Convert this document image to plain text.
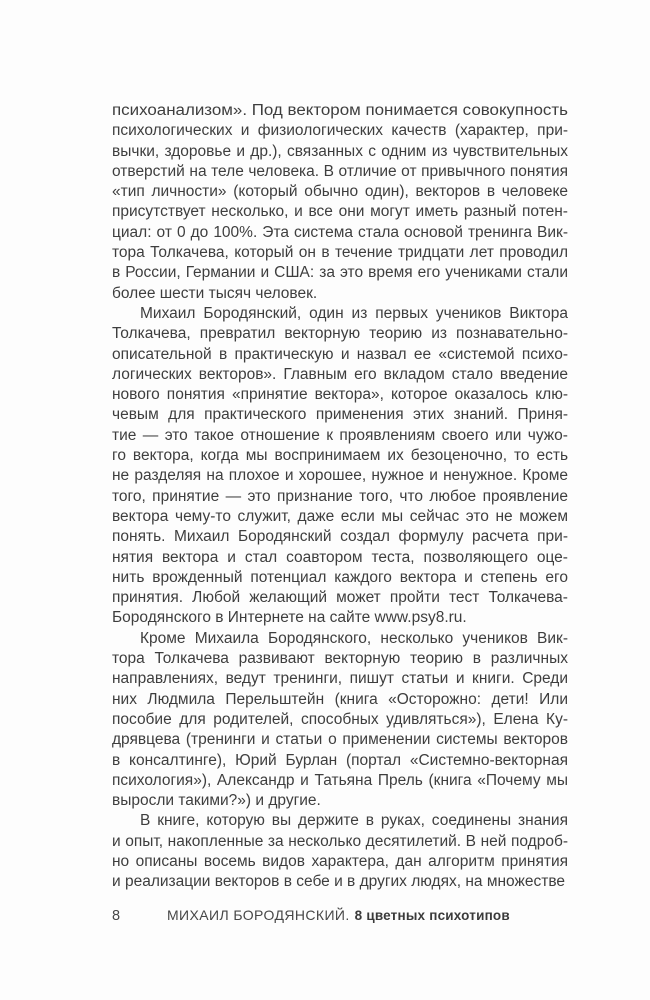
психоанализом». Под вектором понимается совокупность
психологических и физиологических качеств (характер, при-
вычки, здоровье и др.), связанных с одним из чувствительных
отверстий на теле человека. В отличие от привычного понятия
«тип личности» (который обычно один), векторов в человеке
присутствует несколько, и все они могут иметь разный потен-
циал: от 0 до 100%. Эта система стала основой тренинга Вик-
тора Толкачева, который он в течение тридцати лет проводил
в России, Германии и США: за это время его учениками стали
более шести тысяч человек.
Михаил Бородянский, один из первых учеников Виктора
Толкачева, превратил векторную теорию из познавательно-
описательной в практическую и назвал ее «системой психо-
логических векторов». Главным его вкладом стало введение
нового понятия «принятие вектора», которое оказалось клю-
чевым для практического применения этих знаний. Приня-
тие — это такое отношение к проявлениям своего или чужо-
го вектора, когда мы воспринимаем их безоценочно, то есть
не разделяя на плохое и хорошее, нужное и ненужное. Кроме
того, принятие — это признание того, что любое проявление
вектора чему-то служит, даже если мы сейчас это не можем
понять. Михаил Бородянский создал формулу расчета при-
нятия вектора и стал соавтором теста, позволяющего оце-
нить врожденный потенциал каждого вектора и степень его
принятия. Любой желающий может пройти тест Толкачева-
Бородянского в Интернете на сайте www.psy8.ru.
Кроме Михаила Бородянского, несколько учеников Вик-
тора Толкачева развивают векторную теорию в различных
направлениях, ведут тренинги, пишут статьи и книги. Среди
них Людмила Перельштейн (книга «Осторожно: дети! Или
пособие для родителей, способных удивляться»), Елена Ку-
дрявцева (тренинги и статьи о применении системы векторов
в консалтинге), Юрий Бурлан (портал «Системно-векторная
психология»), Александр и Татьяна Прель (книга «Почему мы
выросли такими?») и другие.
В книге, которую вы держите в руках, соединены знания
и опыт, накопленные за несколько десятилетий. В ней подроб-
но описаны восемь видов характера, дан алгоритм принятия
и реализации векторов в себе и в других людях, на множестве
8	МИХАИЛ БОРОДЯНСКИЙ. 8 цветных психотипов
